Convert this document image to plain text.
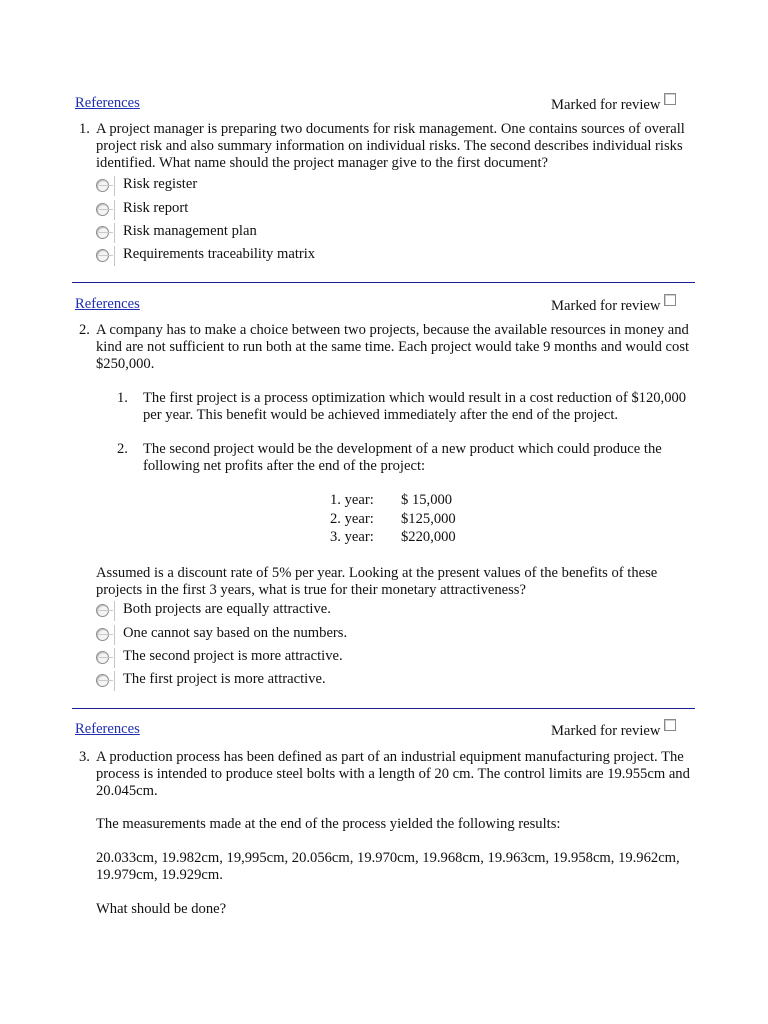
References	Marked for review
1. A project manager is preparing two documents for risk management. One contains sources of overall project risk and also summary information on individual risks. The second describes individual risks identified. What name should the project manager give to the first document?
Risk register
Risk report
Risk management plan
Requirements traceability matrix
References	Marked for review
2. A company has to make a choice between two projects, because the available resources in money and kind are not sufficient to run both at the same time. Each project would take 9 months and would cost $250,000.
1. The first project is a process optimization which would result in a cost reduction of $120,000 per year. This benefit would be achieved immediately after the end of the project.
2. The second project would be the development of a new product which could produce the following net profits after the end of the project:
1. year: $ 15,000
2. year: $125,000
3. year: $220,000
Assumed is a discount rate of 5% per year. Looking at the present values of the benefits of these projects in the first 3 years, what is true for their monetary attractiveness?
Both projects are equally attractive.
One cannot say based on the numbers.
The second project is more attractive.
The first project is more attractive.
References	Marked for review
3. A production process has been defined as part of an industrial equipment manufacturing project. The process is intended to produce steel bolts with a length of 20 cm. The control limits are 19.955cm and 20.045cm.
The measurements made at the end of the process yielded the following results:
20.033cm, 19.982cm, 19,995cm, 20.056cm, 19.970cm, 19.968cm, 19.963cm, 19.958cm, 19.962cm, 19.979cm, 19.929cm.
What should be done?
